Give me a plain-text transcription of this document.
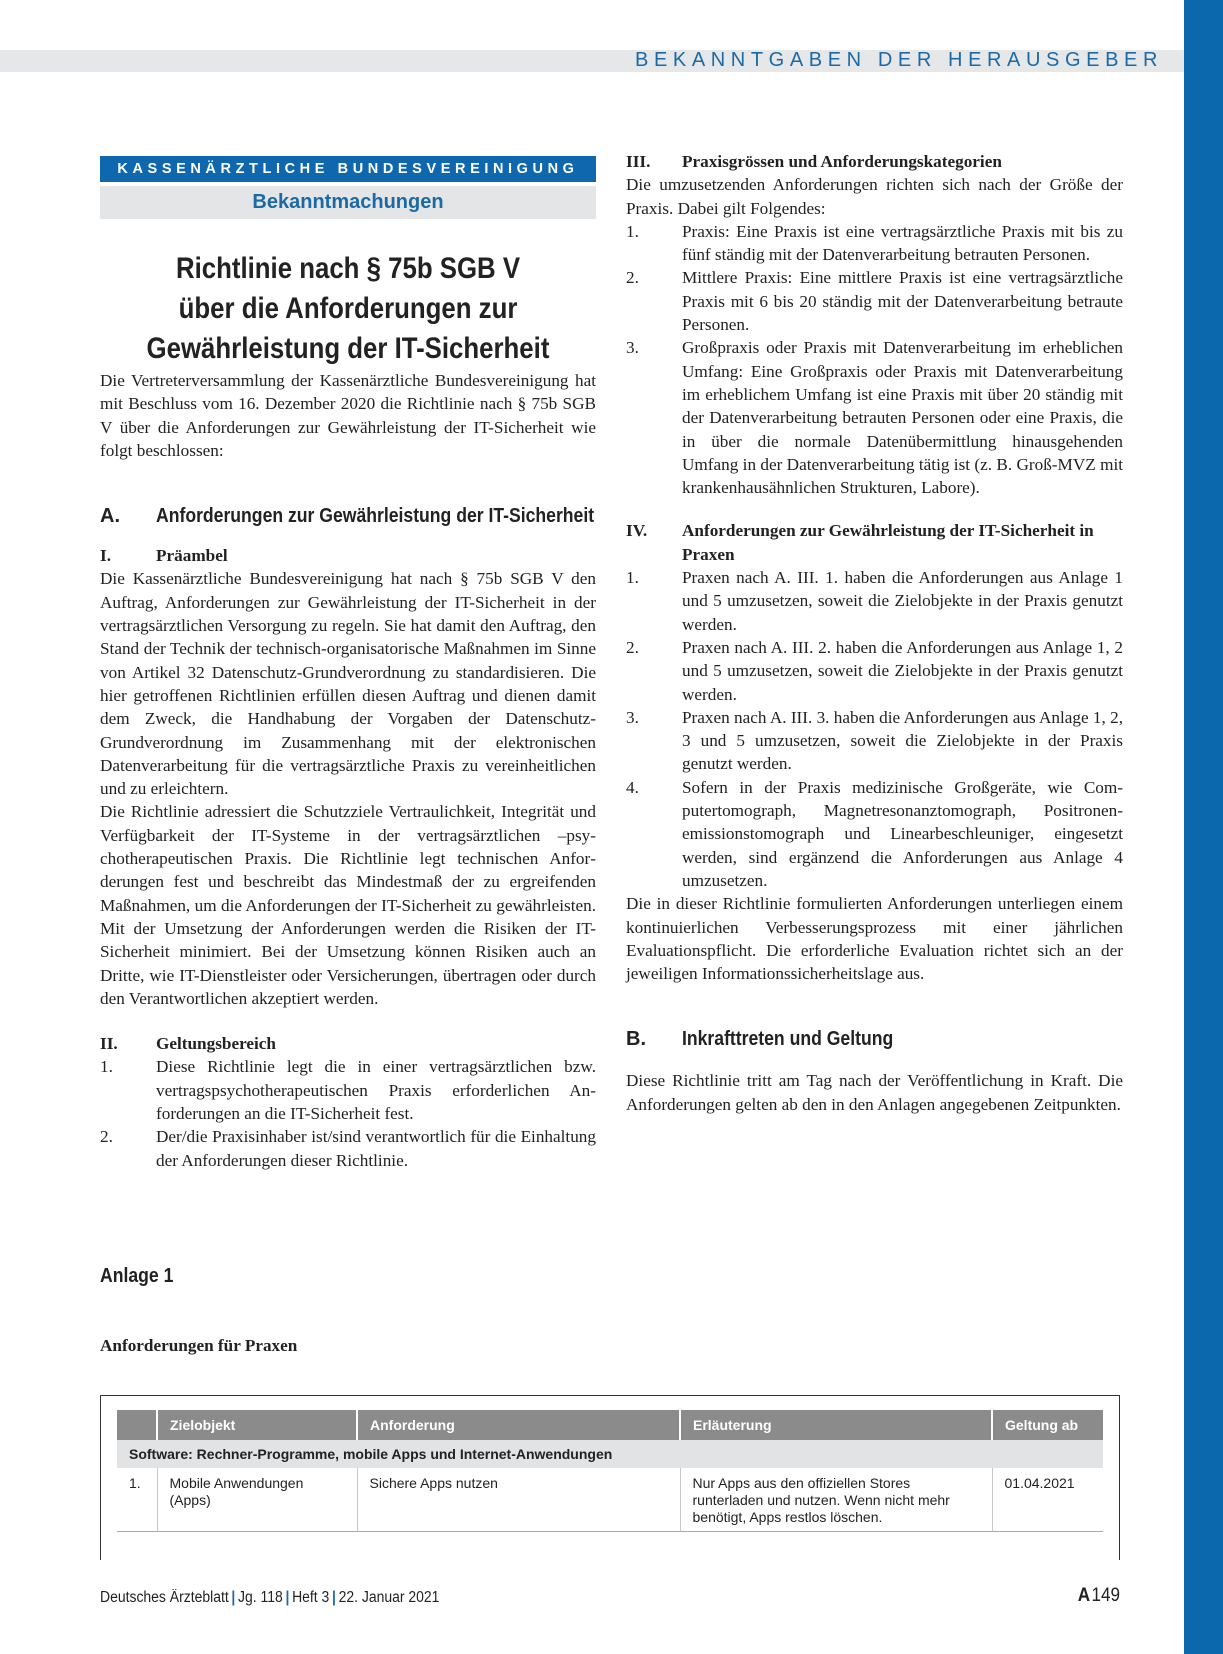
BEKANNTGABEN DER HERAUSGEBER
KASSENÄRZTLICHE BUNDESVEREINIGUNG
Bekanntmachungen
Richtlinie nach § 75b SGB V
über die Anforderungen zur
Gewährleistung der IT-Sicherheit

Die Vertreterversammlung der Kassenärztliche Bundesvereinigung hat mit Beschluss vom 16. Dezember 2020 die Richtlinie nach § 75b SGB V über die Anforderungen zur Gewährleistung der IT-Sicherheit wie folgt beschlossen:

A.	Anforderungen zur Gewährleistung der IT-Sicherheit
I.	Präambel

Die Kassenärztliche Bundesvereinigung hat nach § 75b SGB V den Auftrag, Anforderungen zur Gewährleistung der IT-Sicherheit in der vertragsärztlichen Versorgung zu regeln. Sie hat damit den Auftrag, den Stand der Technik der technisch-organisatorische Maßnahmen im Sinne von Artikel 32 Datenschutz-Grundverordnung zu standardisieren. Die hier getroffenen Richtlinien erfüllen diesen Auftrag und dienen damit dem Zweck, die Handhabung der Vorgaben der Datenschutz-Grundverordnung im Zusammenhang mit der elektronischen Datenverarbeitung für die vertragsärztliche Praxis zu vereinheitlichen und zu erleichtern.

Die Richtlinie adressiert die Schutzziele Vertraulichkeit, Integrität und Verfügbarkeit der IT-Systeme in der vertragsärztlichen –psychotherapeutischen Praxis. Die Richtlinie legt technischen Anforderungen fest und beschreibt das Mindestmaß der zu ergreifenden Maßnahmen, um die Anforderungen der IT-Sicherheit zu gewährleisten. Mit der Umsetzung der Anforderungen werden die Risiken der IT-Sicherheit minimiert. Bei der Umsetzung können Risiken auch an Dritte, wie IT-Dienstleister oder Versicherungen, übertragen oder durch den Verantwortlichen akzeptiert werden.

II.	Geltungsbereich
1.	Diese Richtlinie legt die in einer vertragsärztlichen bzw. vertragspsychotherapeutischen Praxis erforderlichen Anforderungen an die IT-Sicherheit fest.
2.	Der/die Praxisinhaber ist/sind verantwortlich für die Einhaltung der Anforderungen dieser Richtlinie.
III.	Praxisgrössen und Anforderungskategorien

Die umzusetzenden Anforderungen richten sich nach der Größe der Praxis. Dabei gilt Folgendes:

1.	Praxis: Eine Praxis ist eine vertragsärztliche Praxis mit bis zu fünf ständig mit der Datenverarbeitung betrauten Personen.
2.	Mittlere Praxis: Eine mittlere Praxis ist eine vertragsärztliche Praxis mit 6 bis 20 ständig mit der Datenverarbeitung betraute Personen.
3.	Großpraxis oder Praxis mit Datenverarbeitung im erheblichen Umfang: Eine Großpraxis oder Praxis mit Datenverarbeitung im erheblichem Umfang ist eine Praxis mit über 20 ständig mit der Datenverarbeitung betrauten Personen oder eine Praxis, die in über die normale Datenübermittlung hinausgehenden Umfang in der Datenverarbeitung tätig ist (z. B. Groß-MVZ mit krankenhausähnlichen Strukturen, Labore).
IV.	Anforderungen zur Gewährleistung der IT-Sicherheit in Praxen
1.	Praxen nach A. III. 1. haben die Anforderungen aus Anlage 1 und 5 umzusetzen, soweit die Zielobjekte in der Praxis genutzt werden.
2.	Praxen nach A. III. 2. haben die Anforderungen aus Anlage 1, 2 und 5 umzusetzen, soweit die Zielobjekte in der Praxis genutzt werden.
3.	Praxen nach A. III. 3. haben die Anforderungen aus Anlage 1, 2, 3 und 5 umzusetzen, soweit die Zielobjekte in der Praxis genutzt werden.
4.	Sofern in der Praxis medizinische Großgeräte, wie Computertomograph, Magnetresonanztomograph, Positronenemissionstomograph und Linearbeschleuniger, eingesetzt werden, sind ergänzend die Anforderungen aus Anlage 4 umzusetzen.

Die in dieser Richtlinie formulierten Anforderungen unterliegen einem kontinuierlichen Verbesserungsprozess mit einer jährlichen Evaluationspflicht. Die erforderliche Evaluation richtet sich an der jeweiligen Informationssicherheitslage aus.

B.	Inkrafttreten und Geltung

Diese Richtlinie tritt am Tag nach der Veröffentlichung in Kraft. Die Anforderungen gelten ab den in den Anlagen angegebenen Zeitpunkten.

Anlage 1
Anforderungen für Praxen
	Zielobjekt	Anforderung	Erläuterung	Geltung ab
Software: Rechner-Programme, mobile Apps und Internet-Anwendungen				
1.	Mobile Anwendungen (Apps)	Sichere Apps nutzen	Nur Apps aus den offiziellen Stores runterladen und nutzen. Wenn nicht mehr benötigt, Apps restlos löschen.	01.04.2021
Deutsches Ärzteblatt | Jg. 118 | Heft 3 | 22. Januar 2021	A 149
